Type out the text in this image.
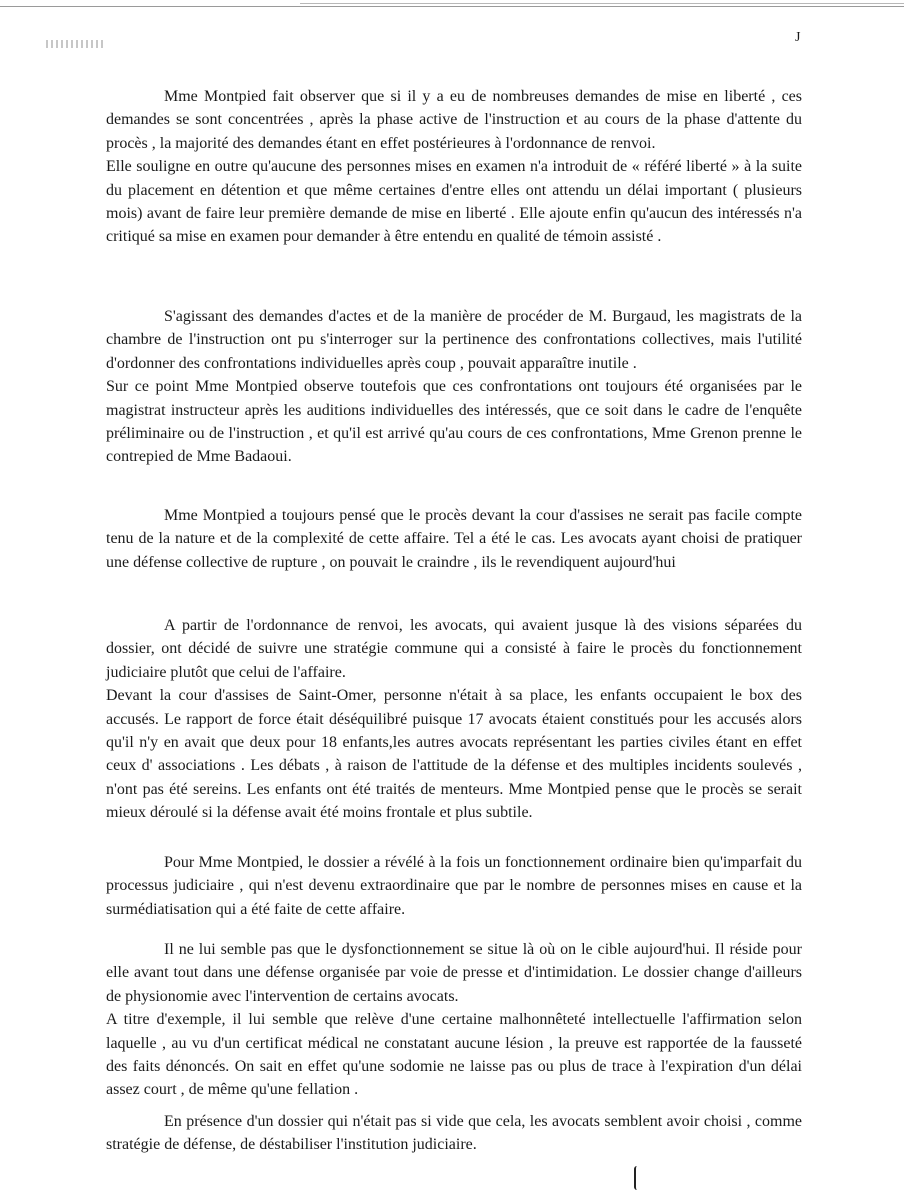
J

Mme Montpied fait observer que si il y a eu de nombreuses demandes de mise en liberté , ces demandes se sont concentrées , après la phase active de l'instruction et au cours de la phase d'attente du procès , la majorité des demandes étant en effet postérieures à l'ordonnance de renvoi.

Elle souligne en outre qu'aucune des personnes mises en examen n'a introduit de « référé liberté » à la suite du placement en détention et que même certaines d'entre elles ont attendu un délai important ( plusieurs mois) avant de faire leur première demande de mise en liberté . Elle ajoute enfin qu'aucun des intéressés n'a critiqué sa mise en examen pour demander à être entendu en qualité de témoin assisté .

S'agissant des demandes d'actes et de la manière de procéder de M. Burgaud, les magistrats de la chambre de l'instruction ont pu s'interroger sur la pertinence des confrontations collectives, mais l'utilité d'ordonner des confrontations individuelles après coup , pouvait apparaître inutile .

Sur ce point Mme Montpied observe toutefois que ces confrontations ont toujours été organisées par le magistrat instructeur après les auditions individuelles des intéressés, que ce soit dans le cadre de l'enquête préliminaire ou de l'instruction , et qu'il est arrivé qu'au cours de ces confrontations, Mme Grenon prenne le contrepied de Mme Badaoui.

Mme Montpied a toujours pensé que le procès devant la cour d'assises ne serait pas facile compte tenu de la nature et de la complexité de cette affaire. Tel a été le cas. Les avocats ayant choisi de pratiquer une défense collective de rupture , on pouvait le craindre , ils le revendiquent aujourd'hui

A partir de l'ordonnance de renvoi, les avocats, qui avaient jusque là des visions séparées du dossier, ont décidé de suivre une stratégie commune qui a consisté à faire le procès du fonctionnement judiciaire plutôt que celui de l'affaire.

Devant la cour d'assises de Saint-Omer, personne n'était à sa place, les enfants occupaient le box des accusés. Le rapport de force était déséquilibré puisque 17 avocats étaient constitués pour les accusés alors qu'il n'y en avait que deux pour 18 enfants,les autres avocats représentant les parties civiles étant en effet ceux d' associations . Les débats , à raison de l'attitude de la défense et des multiples incidents soulevés , n'ont pas été sereins. Les enfants ont été traités de menteurs. Mme Montpied pense que le procès se serait mieux déroulé si la défense avait été moins frontale et plus subtile.

Pour Mme Montpied, le dossier a révélé à la fois un fonctionnement ordinaire bien qu'imparfait du processus judiciaire , qui n'est devenu extraordinaire que par le nombre de personnes mises en cause et la surmédiatisation qui a été faite de cette affaire.

Il ne lui semble pas que le dysfonctionnement se situe là où on le cible aujourd'hui. Il réside pour elle avant tout dans une défense organisée par voie de presse et d'intimidation. Le dossier change d'ailleurs de physionomie avec l'intervention de certains avocats.

A titre d'exemple, il lui semble que relève d'une certaine malhonnêteté intellectuelle l'affirmation selon laquelle , au vu d'un certificat médical ne constatant aucune lésion , la preuve est rapportée de la fausseté des faits dénoncés. On sait en effet qu'une sodomie ne laisse pas ou plus de trace à l'expiration d'un délai assez court , de même qu'une fellation .

En présence d'un dossier qui n'était pas si vide que cela, les avocats semblent avoir choisi , comme stratégie de défense, de déstabiliser l'institution judiciaire.
